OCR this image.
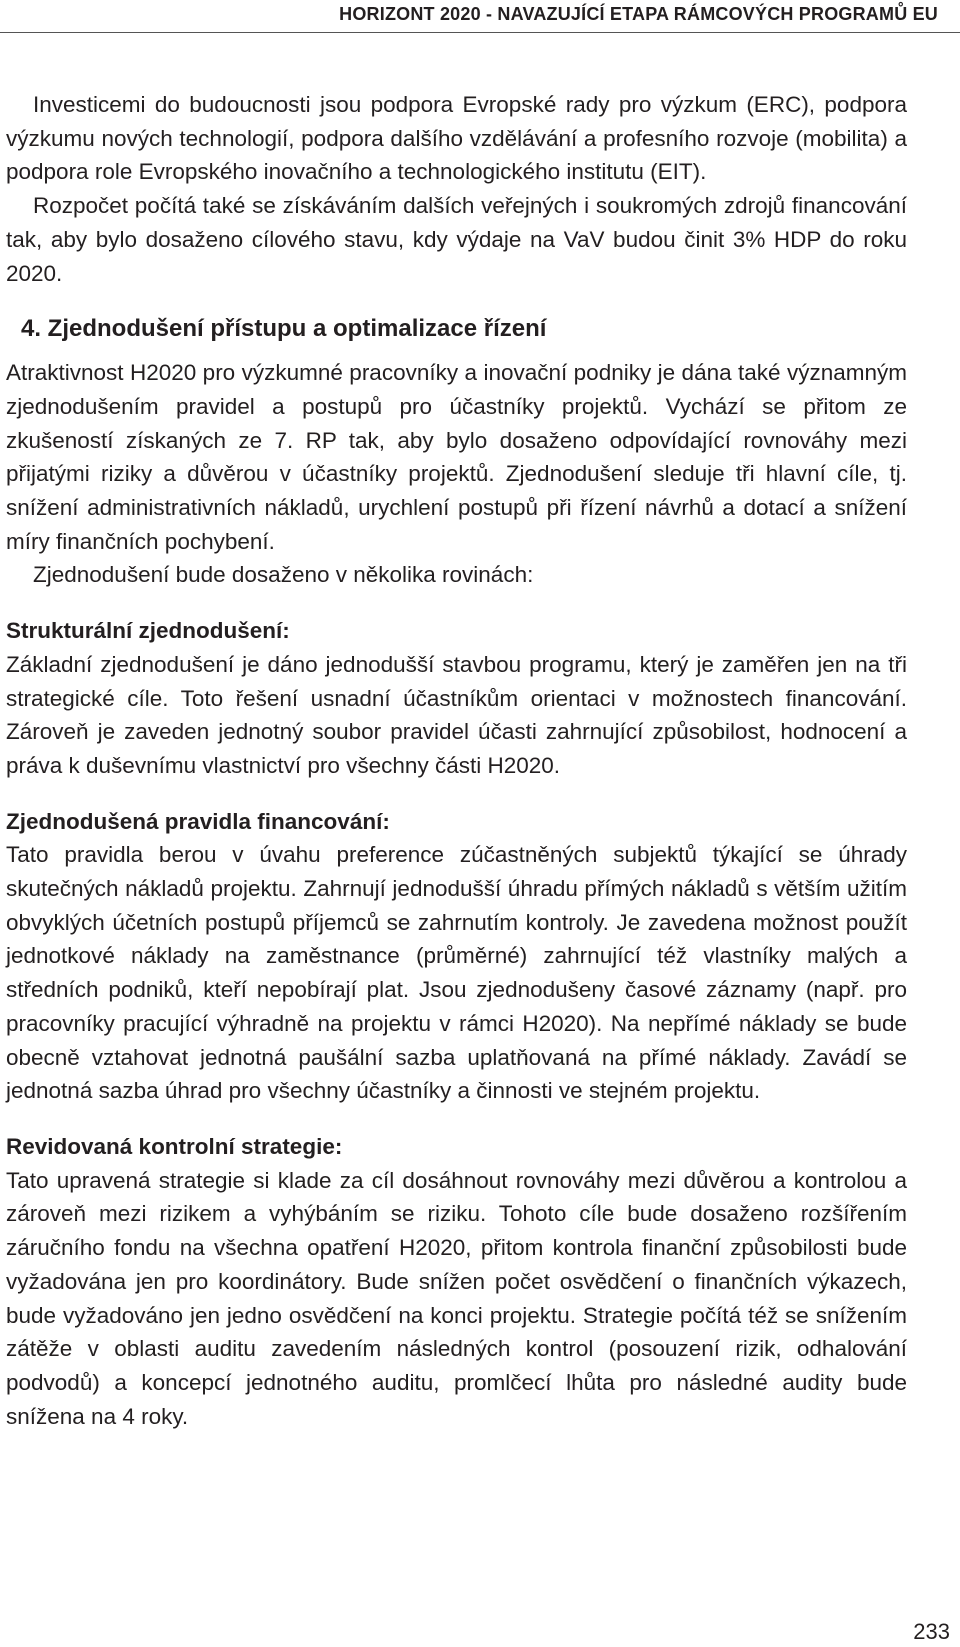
HORIZONT 2020 - NAVAZUJÍCÍ ETAPA RÁMCOVÝCH PROGRAMŮ EU

Investicemi do budoucnosti jsou podpora Evropské rady pro výzkum (ERC), podpora výzkumu nových technologií, podpora dalšího vzdělávání a profesního rozvoje (mobilita) a podpora role Evropského inovačního a technologického institutu (EIT).

Rozpočet počítá také se získáváním dalších veřejných i soukromých zdrojů financování tak, aby bylo dosaženo cílového stavu, kdy výdaje na VaV budou činit 3% HDP do roku 2020.

4. Zjednodušení přístupu a optimalizace řízení

Atraktivnost H2020 pro výzkumné pracovníky a inovační podniky je dána také významným zjednodušením pravidel a postupů pro účastníky projektů. Vychází se přitom ze zkušeností získaných ze 7. RP tak, aby bylo dosaženo odpovídající rovnováhy mezi přijatými riziky a důvěrou v účastníky projektů. Zjednodušení sleduje tři hlavní cíle, tj. snížení administrativních nákladů, urychlení postupů při řízení návrhů a dotací a snížení míry finančních pochybení.

Zjednodušení bude dosaženo v několika rovinách:

Strukturální zjednodušení:

Základní zjednodušení je dáno jednodušší stavbou programu, který je zaměřen jen na tři strategické cíle. Toto řešení usnadní účastníkům orientaci v možnostech financování. Zároveň je zaveden jednotný soubor pravidel účasti zahrnující způsobilost, hodnocení a práva k duševnímu vlastnictví pro všechny části H2020.

Zjednodušená pravidla financování:

Tato pravidla berou v úvahu preference zúčastněných subjektů týkající se úhrady skutečných nákladů projektu. Zahrnují jednodušší úhradu přímých nákladů s větším užitím obvyklých účetních postupů příjemců se zahrnutím kontroly. Je zavedena možnost použít jednotkové náklady na zaměstnance (průměrné) zahrnující též vlastníky malých a středních podniků, kteří nepobírají plat. Jsou zjednodušeny časové záznamy (např. pro pracovníky pracující výhradně na projektu v rámci H2020). Na nepřímé náklady se bude obecně vztahovat jednotná paušální sazba uplatňovaná na přímé náklady. Zavádí se jednotná sazba úhrad pro všechny účastníky a činnosti ve stejném projektu.

Revidovaná kontrolní strategie:

Tato upravená strategie si klade za cíl dosáhnout rovnováhy mezi důvěrou a kontrolou a zároveň mezi rizikem a vyhýbáním se riziku. Tohoto cíle bude dosaženo rozšířením záručního fondu na všechna opatření H2020, přitom kontrola finanční způsobilosti bude vyžadována jen pro koordinátory. Bude snížen počet osvědčení o finančních výkazech, bude vyžadováno jen jedno osvědčení na konci projektu. Strategie počítá též se snížením zátěže v oblasti auditu zavedením následných kontrol (posouzení rizik, odhalování podvodů) a koncepcí jednotného auditu, promlčecí lhůta pro následné audity bude snížena na 4 roky.

233
